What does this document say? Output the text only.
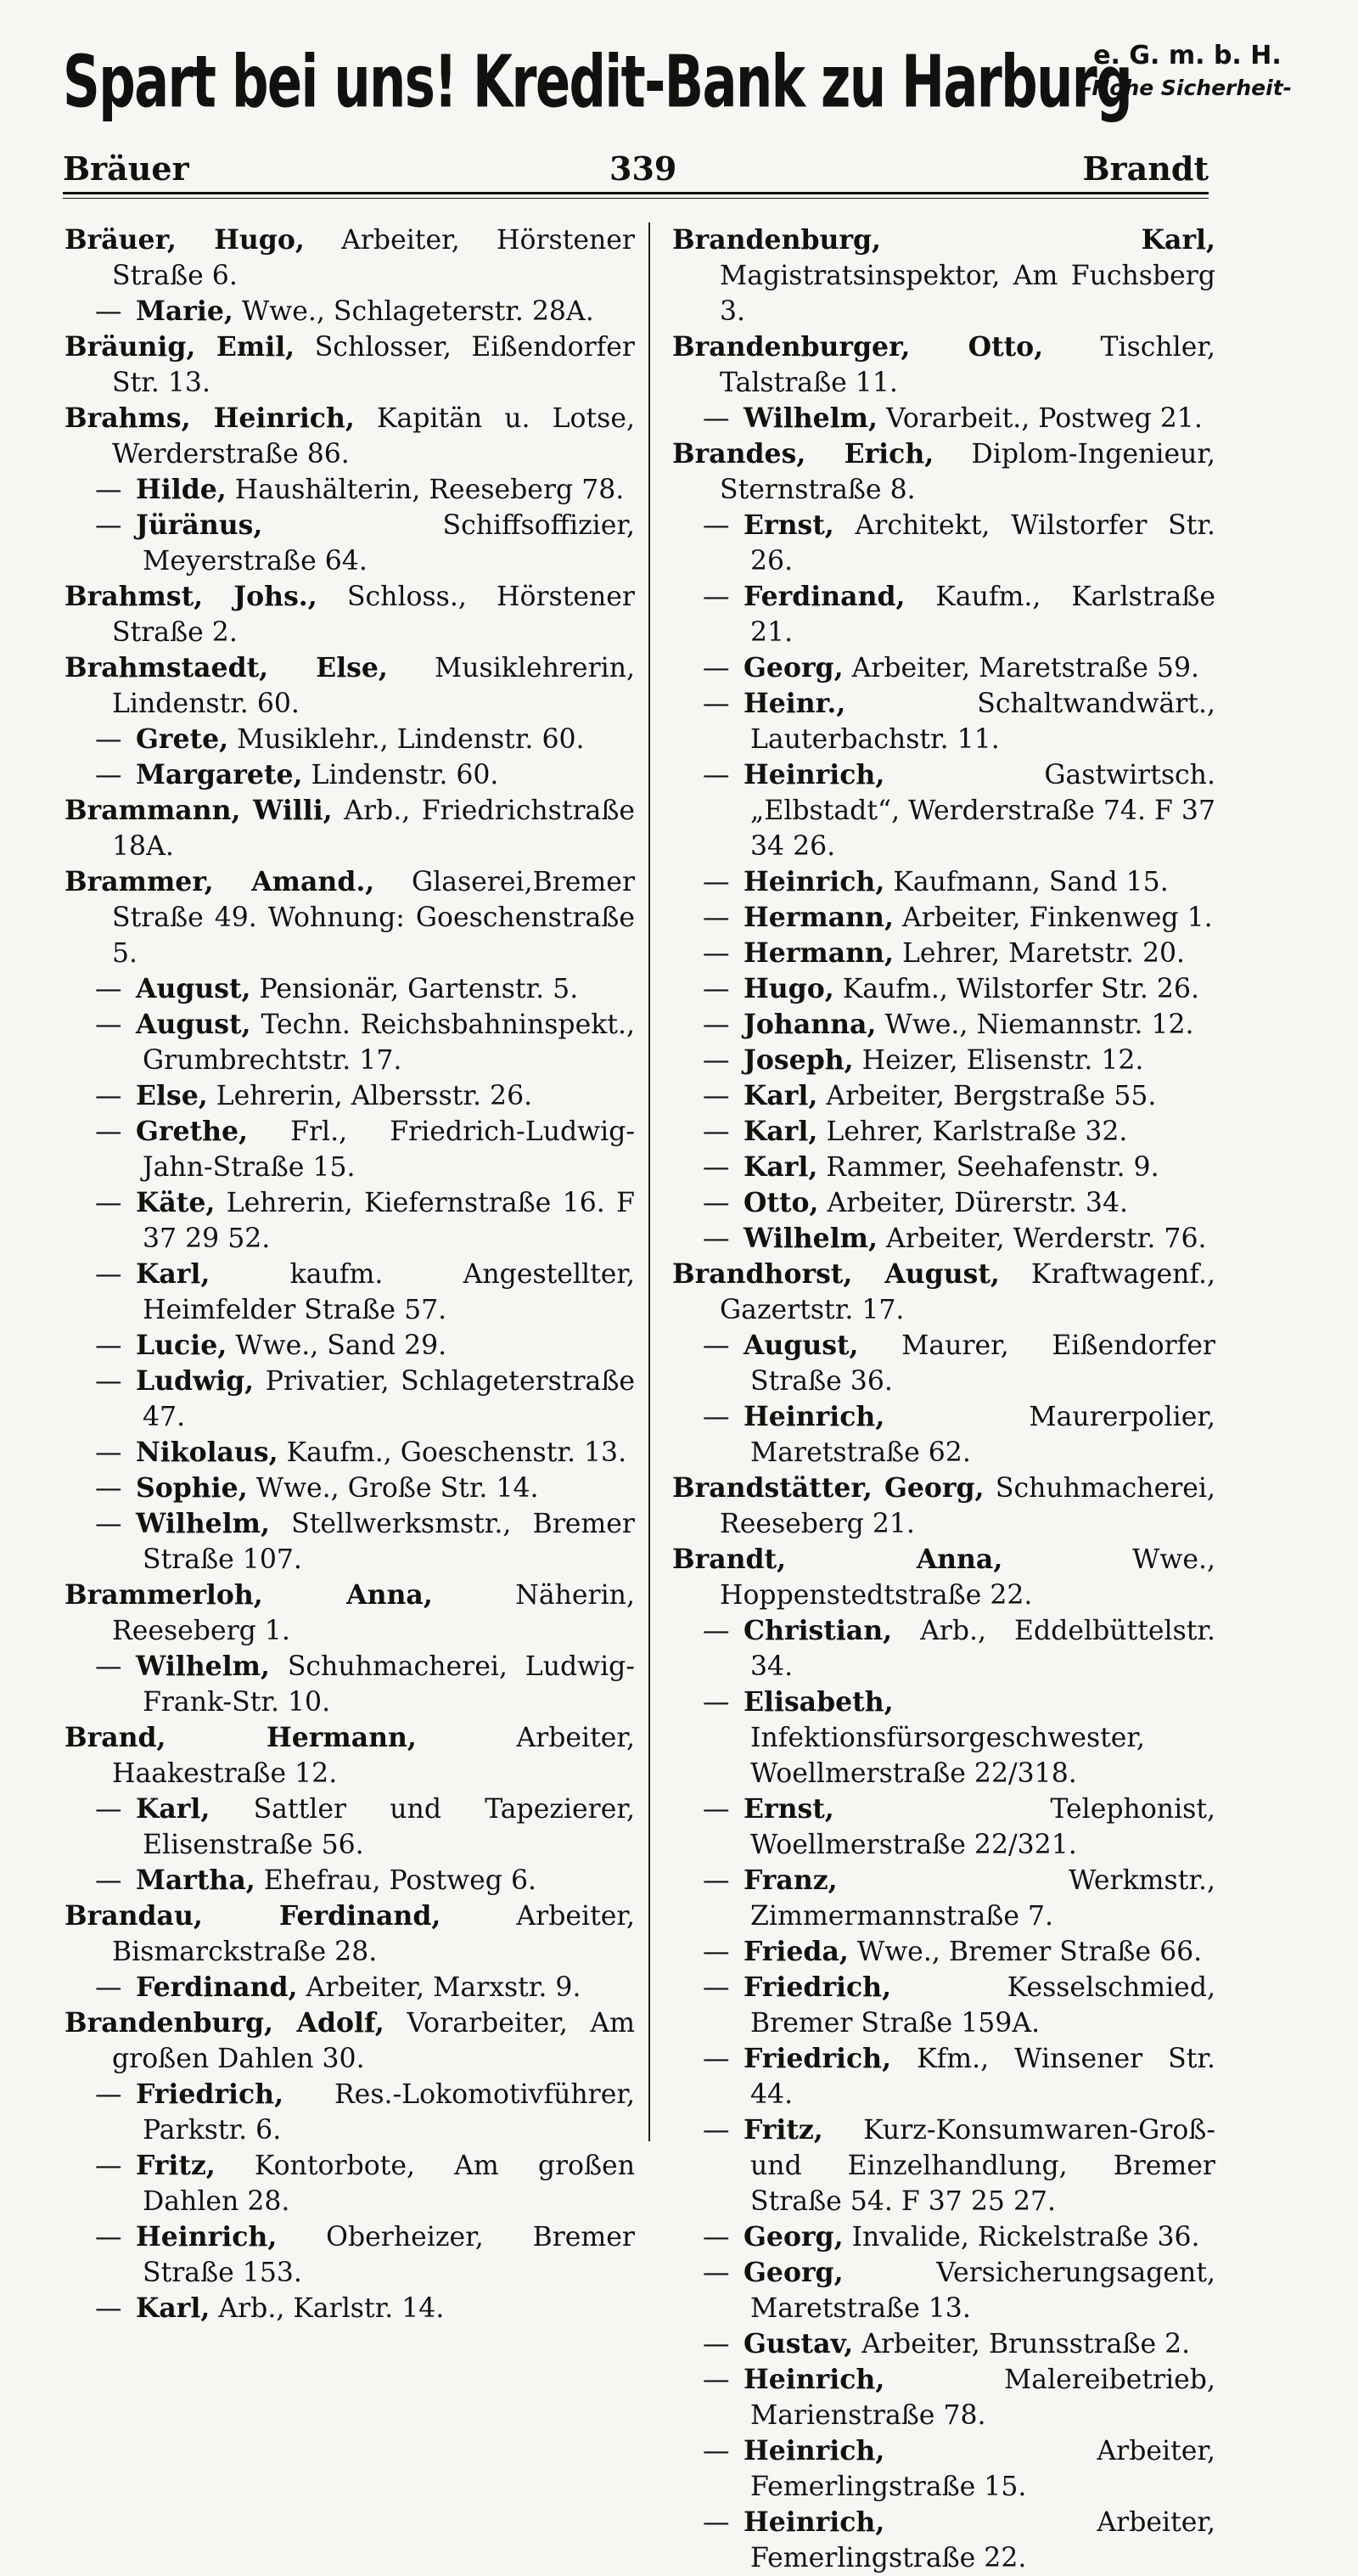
Spart bei uns! Kredit-Bank zu Harburg
e. G. m. b. H.
-Hohe Sicherheit-
Bräuer	339	Brandt

Bräuer, Hugo, Arbeiter, Hörstener Straße 6.

— Marie, Wwe., Schlageterstr. 28A.

Bräunig, Emil, Schlosser, Eißendorfer Str. 13.

Brahms, Heinrich, Kapitän u. Lotse, Werderstraße 86.

— Hilde, Haushälterin, Reeseberg 78.

— Jüränus,	Schiffsoffizier, Meyerstraße 64.

Brahmst, Johs., Schloss., Hörstener Straße 2.

Brahmstaedt, Else, Musiklehrerin, Lindenstr. 60.

— Grete, Musiklehr., Lindenstr. 60.

— Margarete, Lindenstr. 60.

Brammann, Willi, Arb., Friedrichstraße 18A.

Brammer, Amand., Glaserei,Bremer Straße 49. Wohnung: Goeschenstraße 5.

— August, Pensionär, Gartenstr. 5.

— August, Techn. Reichsbahninspekt., Grumbrechtstr. 17.

— Else, Lehrerin, Albersstr. 26.

— Grethe, Frl., Friedrich-Ludwig-Jahn-Straße 15.

— Käte, Lehrerin, Kiefernstraße 16. F 37 29 52.

— Karl,	kaufm. Angestellter, Heimfelder Straße 57.

— Lucie, Wwe., Sand 29.

— Ludwig, Privatier, Schlageterstraße 47.

— Nikolaus, Kaufm., Goeschenstr. 13.

— Sophie, Wwe., Große Str. 14.

— Wilhelm, Stellwerksmstr., Bremer Straße 107.

Brammerloh, Anna,	Näherin, Reeseberg 1.

— Wilhelm, Schuhmacherei, Ludwig-Frank-Str. 10.

Brand, Hermann,	Arbeiter, Haakestraße 12.

— Karl, Sattler und Tapezierer, Elisenstraße 56.

— Martha, Ehefrau, Postweg 6.

Brandau, Ferdinand,	Arbeiter, Bismarckstraße 28.

— Ferdinand, Arbeiter, Marxstr. 9.

Brandenburg, Adolf, Vorarbeiter, Am großen Dahlen 30.

— Friedrich, Res.-Lokomotivführer, Parkstr. 6.

— Fritz, Kontorbote, Am großen Dahlen 28.

— Heinrich, Oberheizer, Bremer Straße 153.

— Karl, Arb., Karlstr. 14.

Brandenburg, Karl, Magistratsinspektor, Am Fuchsberg 3.

Brandenburger, Otto, Tischler, Talstraße 11.

— Wilhelm, Vorarbeit., Postweg 21.

Brandes, Erich, Diplom-Ingenieur, Sternstraße 8.

— Ernst, Architekt, Wilstorfer Str. 26.

— Ferdinand, Kaufm., Karlstraße 21.

— Georg, Arbeiter, Maretstraße 59.

— Heinr.,	Schaltwandwärt., Lauterbachstr. 11.

— Heinrich,	Gastwirtsch. „Elbstadt“, Werderstraße 74. F 37 34 26.

— Heinrich, Kaufmann, Sand 15.

— Hermann, Arbeiter, Finkenweg 1.

— Hermann, Lehrer, Maretstr. 20.

— Hugo, Kaufm., Wilstorfer Str. 26.

— Johanna, Wwe., Niemannstr. 12.

— Joseph, Heizer, Elisenstr. 12.

— Karl, Arbeiter, Bergstraße 55.

— Karl, Lehrer, Karlstraße 32.

— Karl, Rammer, Seehafenstr. 9.

— Otto, Arbeiter, Dürerstr. 34.

— Wilhelm, Arbeiter, Werderstr. 76.

Brandhorst, August, Kraftwagenf., Gazertstr. 17.

— August, Maurer, Eißendorfer Straße 36.

— Heinrich,	Maurerpolier, Maretstraße 62.

Brandstätter, Georg, Schuhmacherei, Reeseberg 21.

Brandt, Anna,	Wwe., Hoppenstedtstraße 22.

— Christian, Arb., Eddelbüttelstr. 34.

— Elisabeth, Infektionsfürsorgeschwester, Woellmerstraße 22/318.

— Ernst,	Telephonist, Woellmerstraße 22/321.

— Franz,	Werkmstr., Zimmermannstraße 7.

— Frieda, Wwe., Bremer Straße 66.

— Friedrich,	Kesselschmied, Bremer Straße 159A.

— Friedrich, Kfm., Winsener Str. 44.

— Fritz, Kurz-Konsumwaren-Groß- und Einzelhandlung, Bremer Straße 54. F 37 25 27.

— Georg, Invalide, Rickelstraße 36.

— Georg,	Versicherungsagent, Maretstraße 13.

— Gustav, Arbeiter, Brunsstraße 2.

— Heinrich,	Malereibetrieb, Marienstraße 78.

— Heinrich,	Arbeiter, Femerlingstraße 15.

— Heinrich,	Arbeiter, Femerlingstraße 22.
